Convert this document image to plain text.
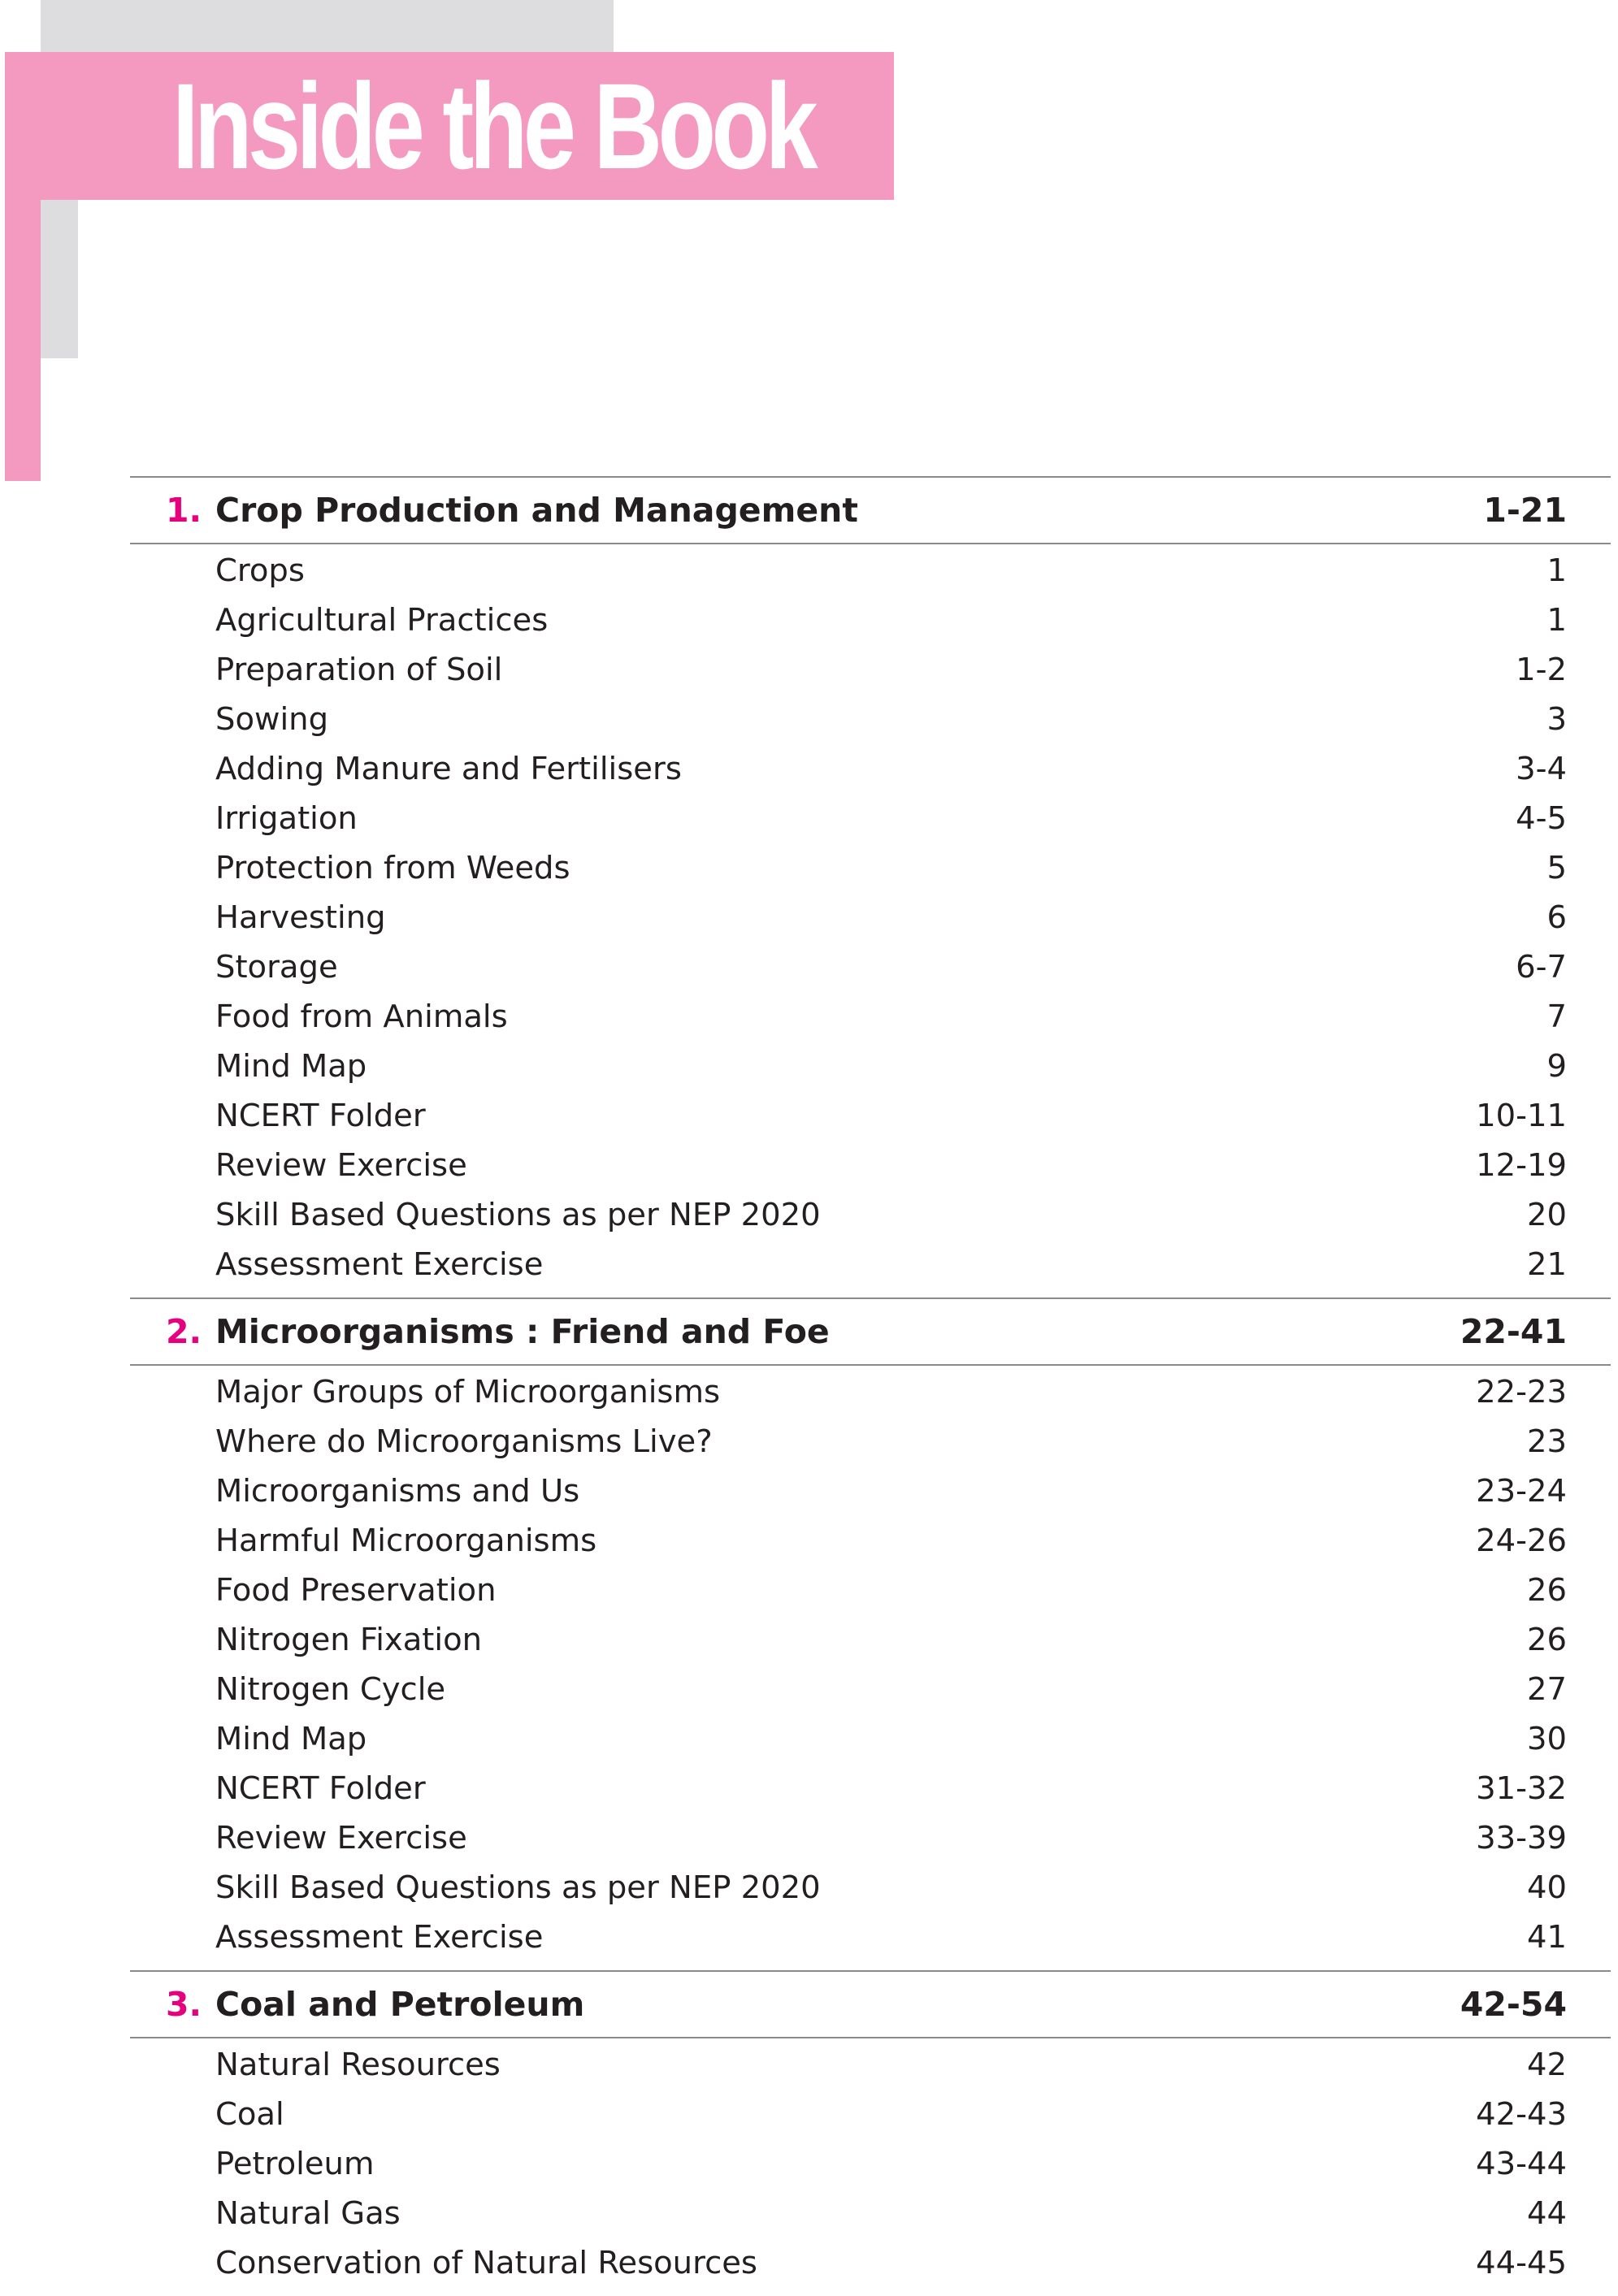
Inside the Book
1. Crop Production and Management	1-21
Crops	1
Agricultural Practices	1
Preparation of Soil	1-2
Sowing	3
Adding Manure and Fertilisers	3-4
Irrigation	4-5
Protection from Weeds	5
Harvesting	6
Storage	6-7
Food from Animals	7
Mind Map	9
NCERT Folder	10-11
Review Exercise	12-19
Skill Based Questions as per NEP 2020	20
Assessment Exercise	21
2. Microorganisms : Friend and Foe	22-41
Major Groups of Microorganisms	22-23
Where do Microorganisms Live?	23
Microorganisms and Us	23-24
Harmful Microorganisms	24-26
Food Preservation	26
Nitrogen Fixation	26
Nitrogen Cycle	27
Mind Map	30
NCERT Folder	31-32
Review Exercise	33-39
Skill Based Questions as per NEP 2020	40
Assessment Exercise	41
3. Coal and Petroleum	42-54
Natural Resources	42
Coal	42-43
Petroleum	43-44
Natural Gas	44
Conservation of Natural Resources	44-45
